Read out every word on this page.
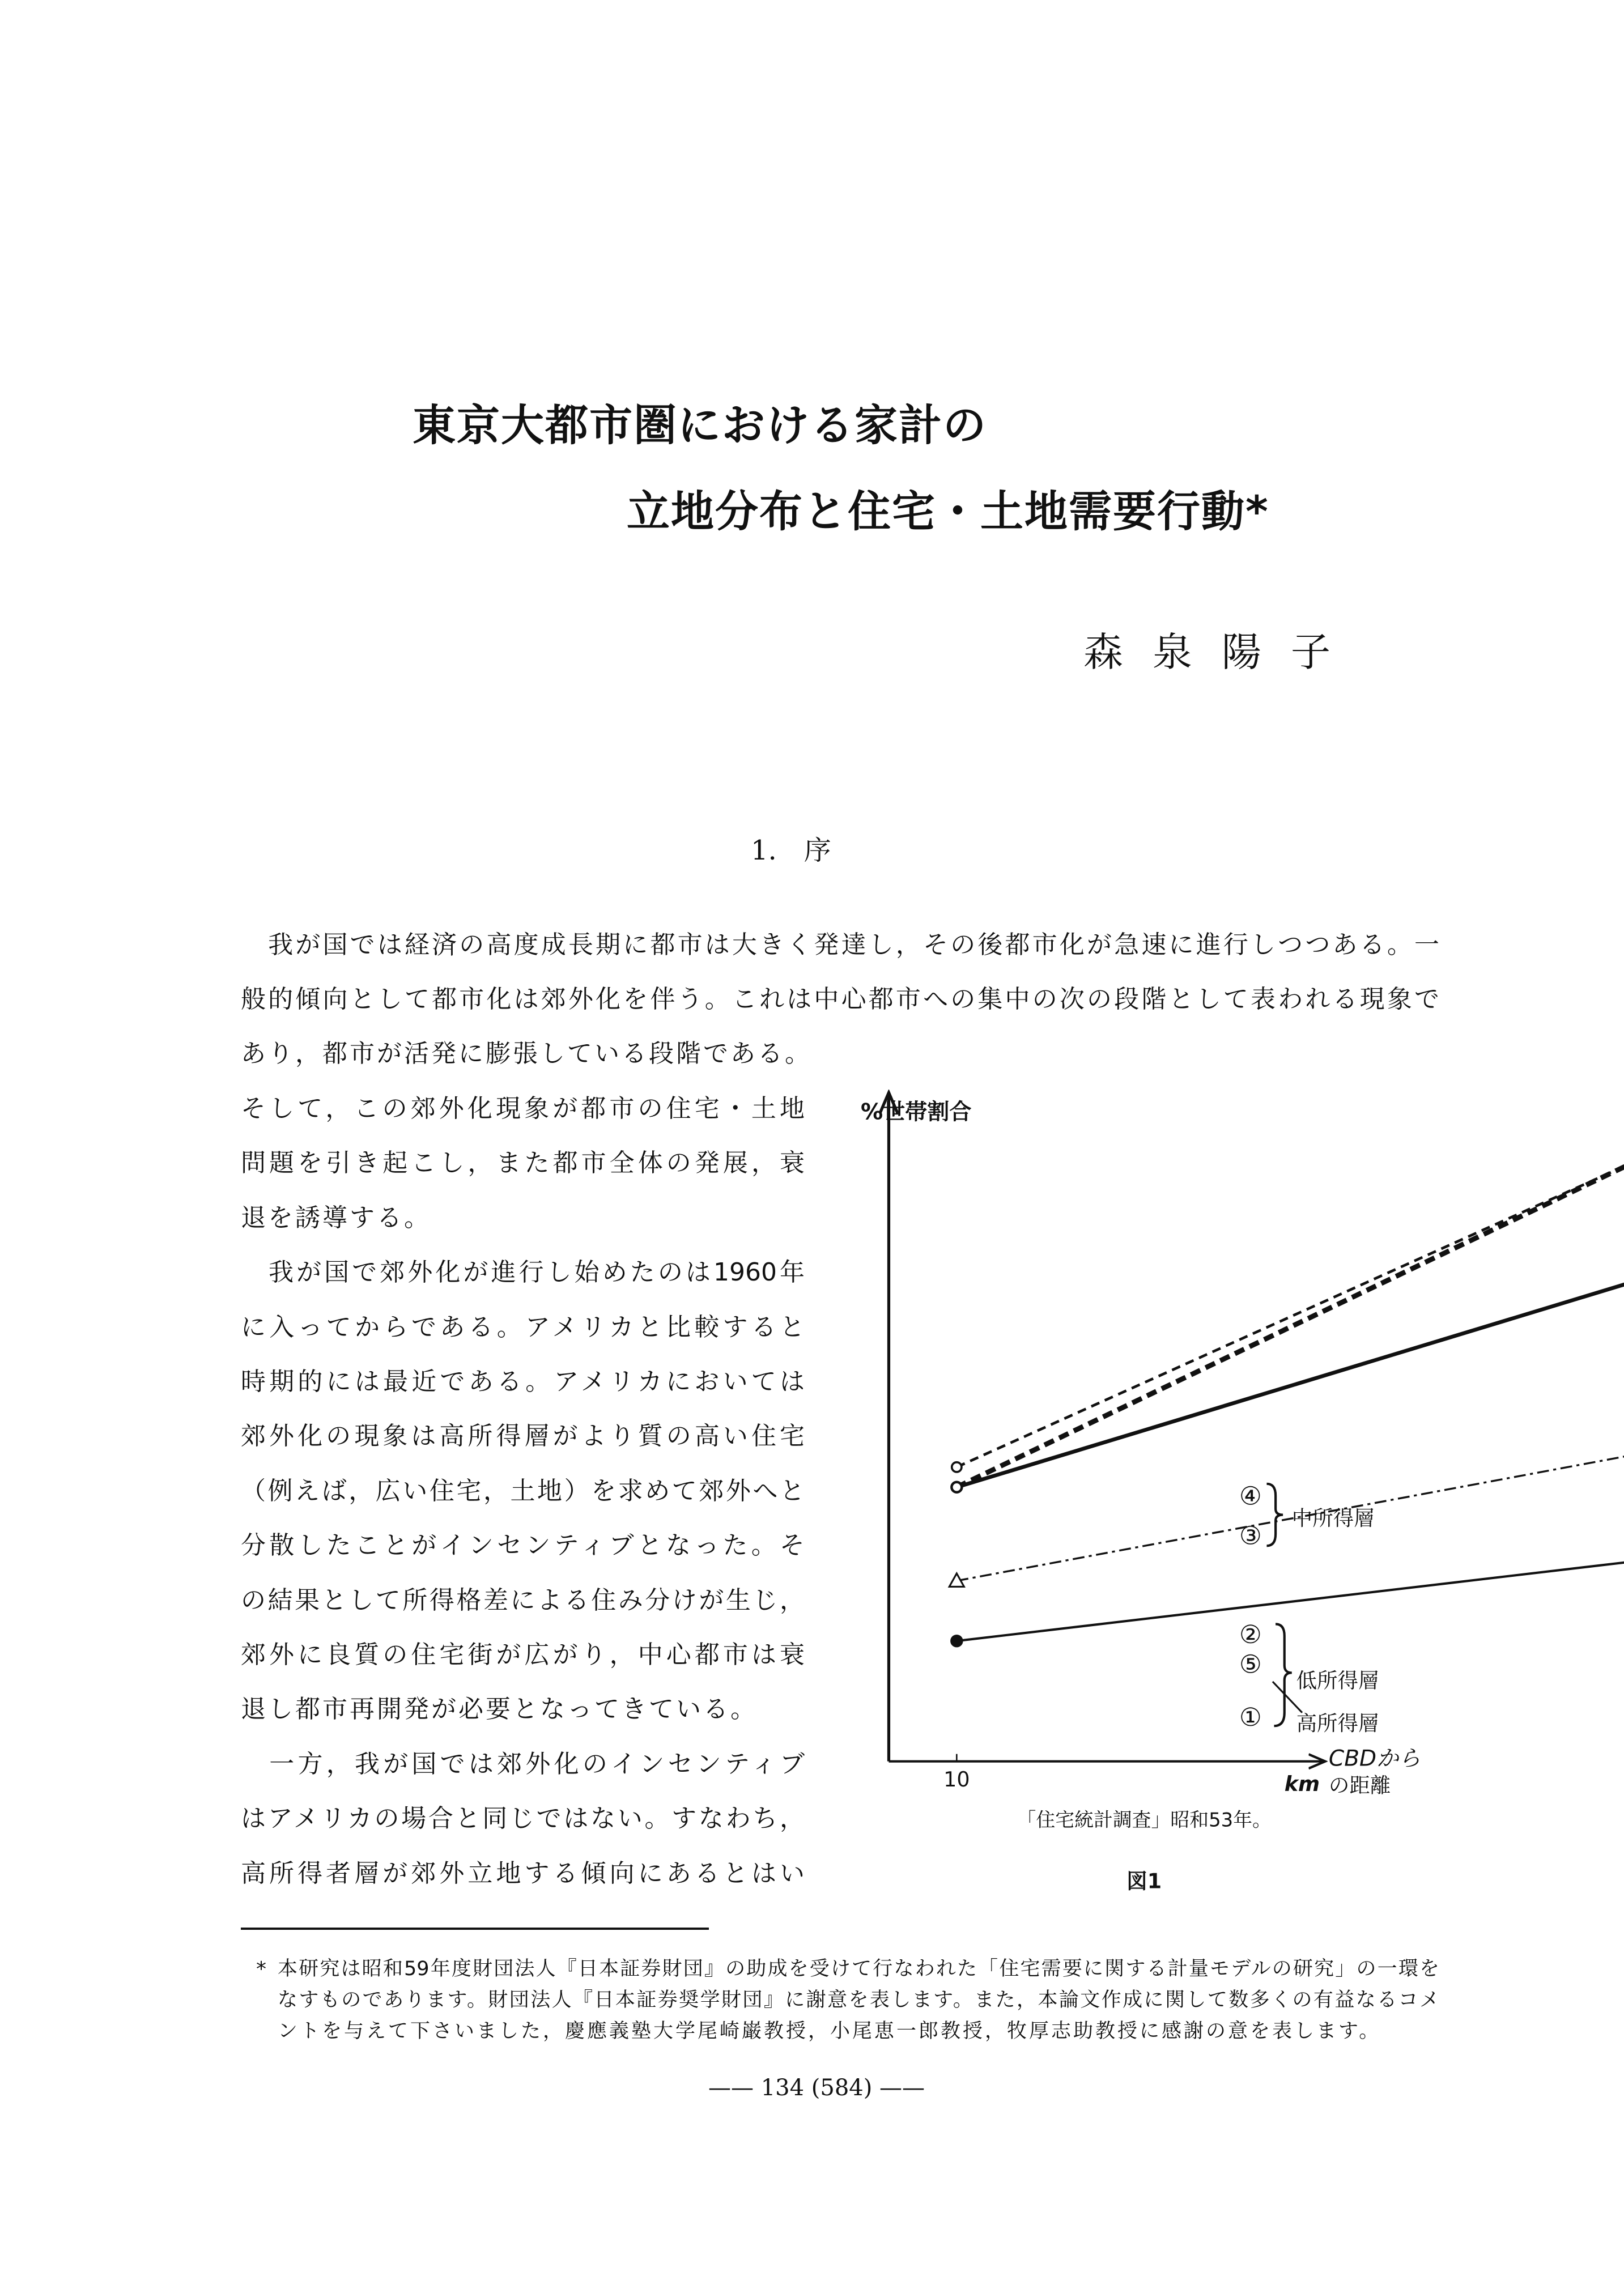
東京大都市圏における家計の
立地分布と住宅・土地需要行動*
森泉陽子
1.　序
　我が国では経済の高度成長期に都市は大きく発達し，その後都市化が急速に進行しつつある。一
般的傾向として都市化は郊外化を伴う。これは中心都市への集中の次の段階として表われる現象で
あり，都市が活発に膨張している段階である。
そして，この郊外化現象が都市の住宅・土地
問題を引き起こし，また都市全体の発展，衰
退を誘導する。
　我が国で郊外化が進行し始めたのは1960年
に入ってからである。アメリカと比較すると
時期的には最近である。アメリカにおいては
郊外化の現象は高所得層がより質の高い住宅
（例えば，広い住宅，土地）を求めて郊外へと
分散したことがインセンティブとなった。そ
の結果として所得格差による住み分けが生じ，
郊外に良質の住宅街が広がり，中心都市は衰
退し都市再開発が必要となってきている。
　一方，我が国では郊外化のインセンティブ
はアメリカの場合と同じではない。すなわち，
高所得者層が郊外立地する傾向にあるとはい
10
%世帯割合
CBDから
km の距離
④
③
②
⑤
①
中所得層
低所得層
高所得層
「住宅統計調査」昭和53年。
図1
* 本研究は昭和59年度財団法人『日本証券財団』の助成を受けて行なわれた「住宅需要に関する計量モデルの研究」の一環を
なすものであります。財団法人『日本証券奨学財団』に謝意を表します。また，本論文作成に関して数多くの有益なるコメ
ントを与えて下さいました，慶應義塾大学尾崎巌教授，小尾恵一郎教授，牧厚志助教授に感謝の意を表します。
—— 134 (584) ——
